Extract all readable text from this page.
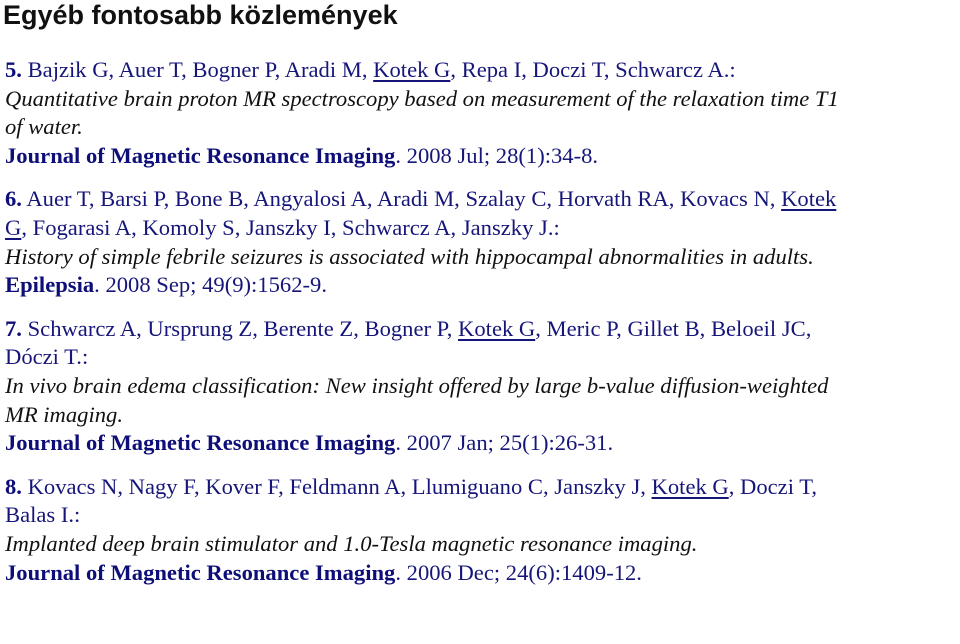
Egyéb fontosabb közlemények
5. Bajzik G, Auer T, Bogner P, Aradi M, Kotek G, Repa I, Doczi T, Schwarcz A.:
Quantitative brain proton MR spectroscopy based on measurement of the relaxation time T1
of water.
Journal of Magnetic Resonance Imaging. 2008 Jul; 28(1):34-8.
6. Auer T, Barsi P, Bone B, Angyalosi A, Aradi M, Szalay C, Horvath RA, Kovacs N, Kotek
G, Fogarasi A, Komoly S, Janszky I, Schwarcz A, Janszky J.:
History of simple febrile seizures is associated with hippocampal abnormalities in adults.
Epilepsia. 2008 Sep; 49(9):1562-9.
7. Schwarcz A, Ursprung Z, Berente Z, Bogner P, Kotek G, Meric P, Gillet B, Beloeil JC,
Dóczi T.:
In vivo brain edema classification: New insight offered by large b-value diffusion-weighted
MR imaging.
Journal of Magnetic Resonance Imaging. 2007 Jan; 25(1):26-31.
8. Kovacs N, Nagy F, Kover F, Feldmann A, Llumiguano C, Janszky J, Kotek G, Doczi T,
Balas I.:
Implanted deep brain stimulator and 1.0-Tesla magnetic resonance imaging.
Journal of Magnetic Resonance Imaging. 2006 Dec; 24(6):1409-12.
